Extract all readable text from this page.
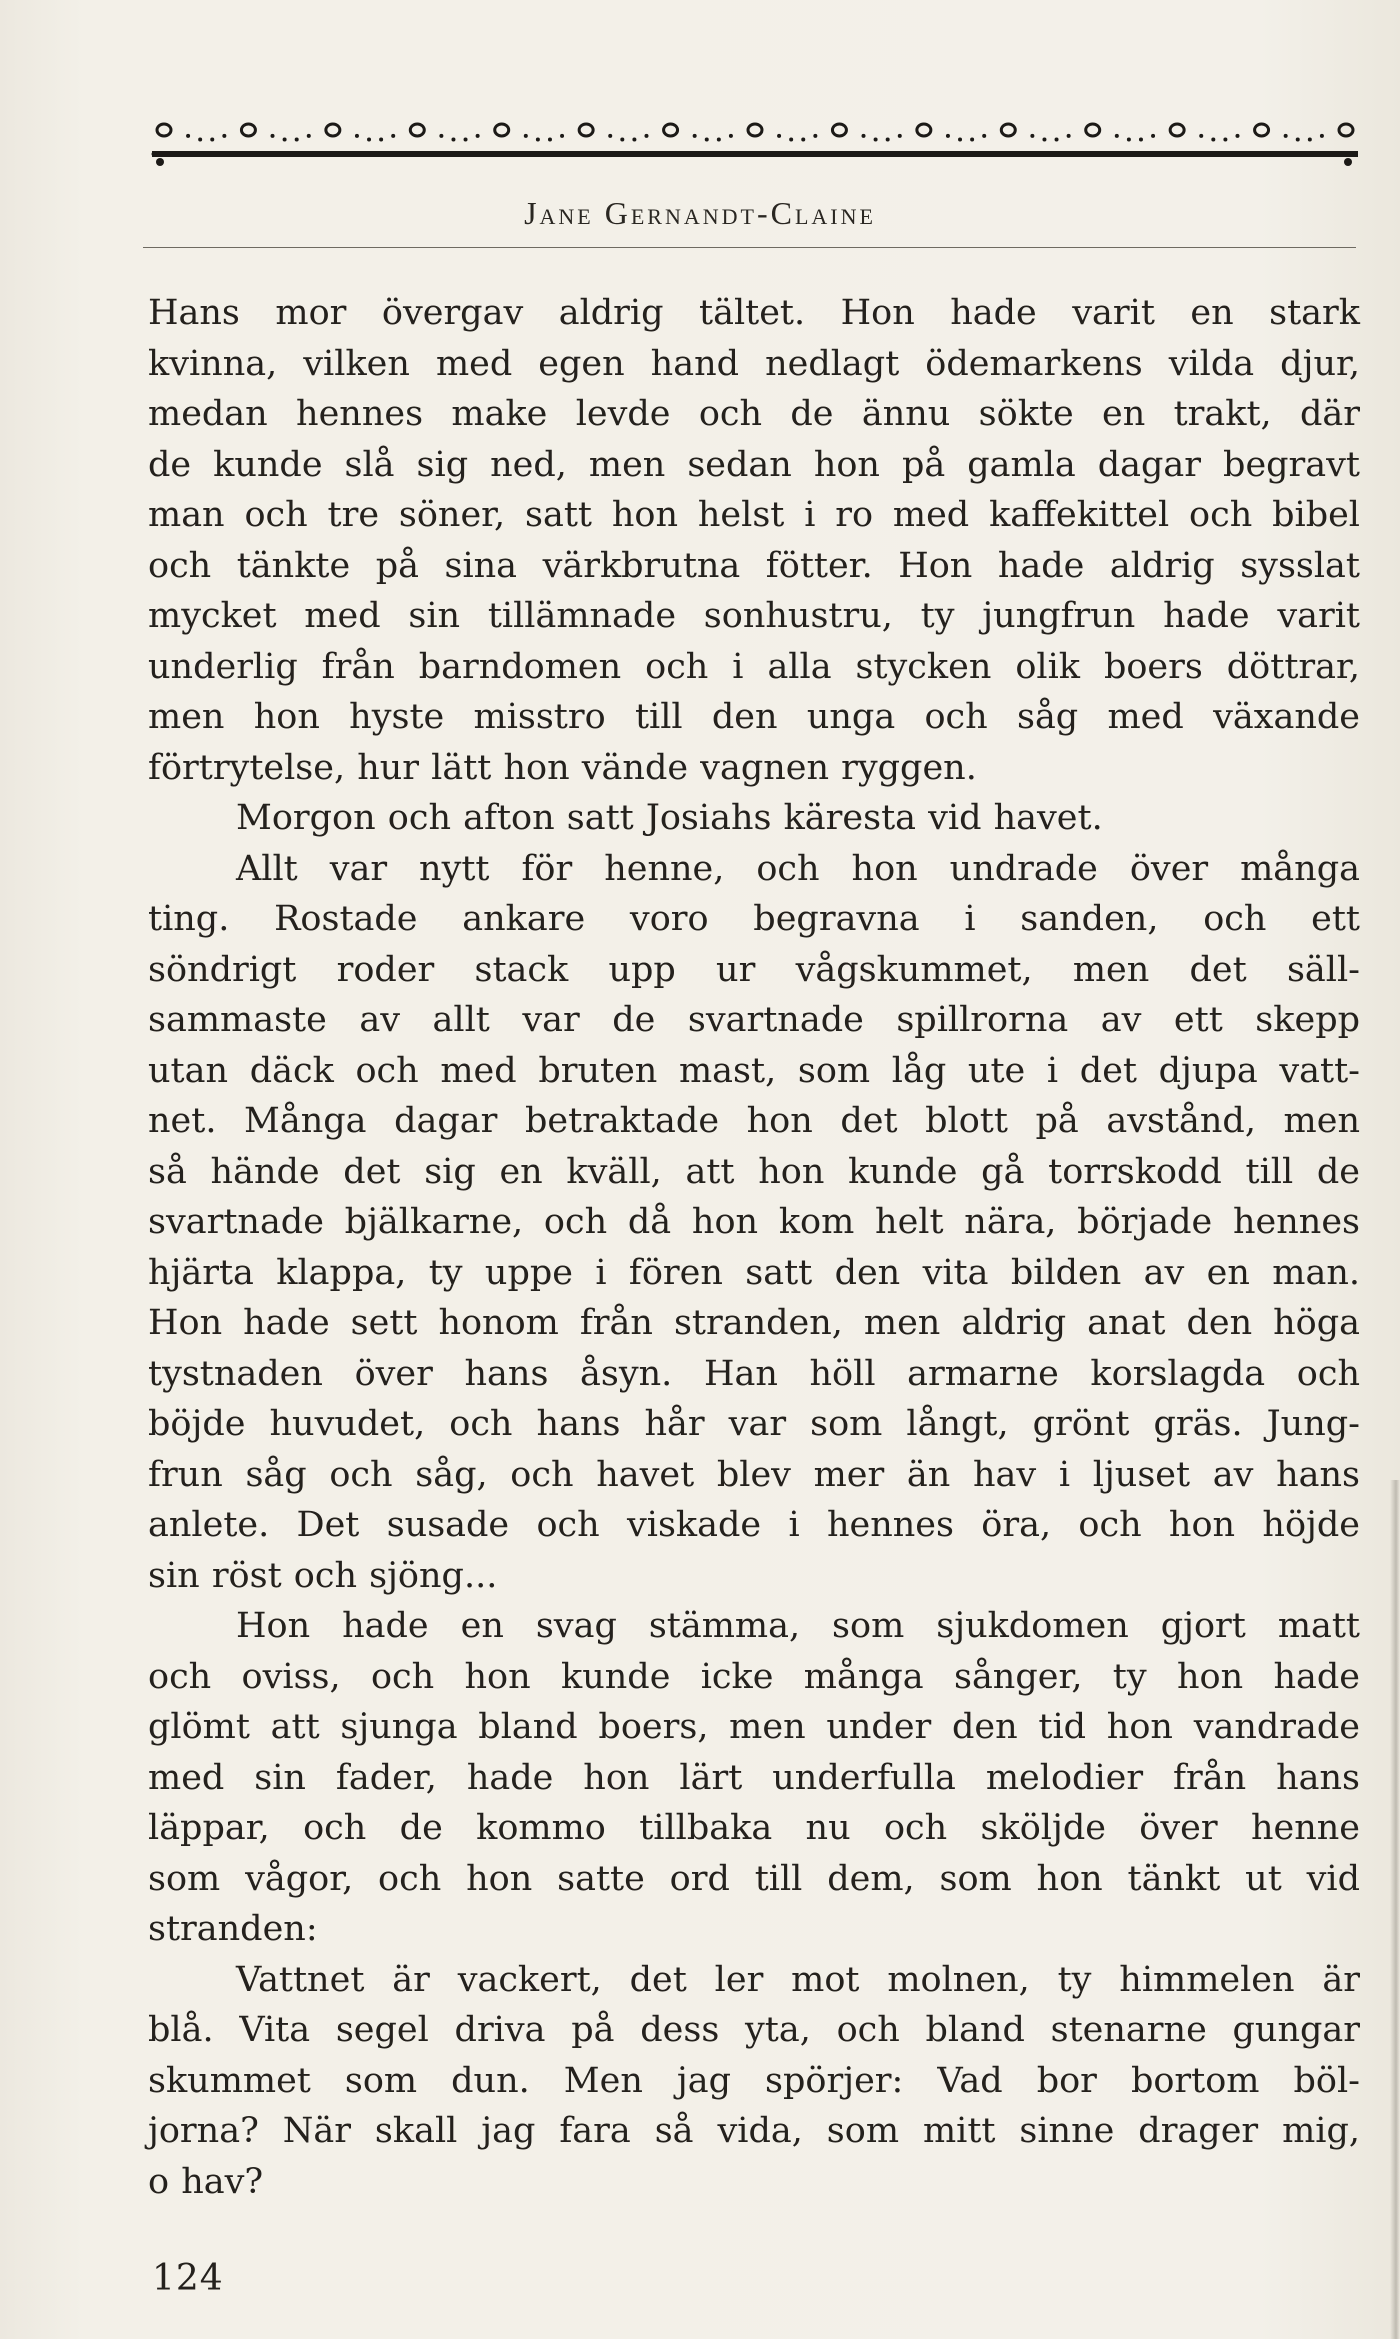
Jane Gernandt-Claine
Hans mor övergav aldrig tältet. Hon hade varit en stark
kvinna, vilken med egen hand nedlagt ödemarkens vilda djur,
medan hennes make levde och de ännu sökte en trakt, där
de kunde slå sig ned, men sedan hon på gamla dagar begravt
man och tre söner, satt hon helst i ro med kaffekittel och bibel
och tänkte på sina värkbrutna fötter. Hon hade aldrig sysslat
mycket med sin tillämnade sonhustru, ty jungfrun hade varit
underlig från barndomen och i alla stycken olik boers döttrar,
men hon hyste misstro till den unga och såg med växande
förtrytelse, hur lätt hon vände vagnen ryggen.
Morgon och afton satt Josiahs käresta vid havet.
Allt var nytt för henne, och hon undrade över många
ting. Rostade ankare voro begravna i sanden, och ett
söndrigt roder stack upp ur vågskummet, men det säll-
sammaste av allt var de svartnade spillrorna av ett skepp
utan däck och med bruten mast, som låg ute i det djupa vatt-
net. Många dagar betraktade hon det blott på avstånd, men
så hände det sig en kväll, att hon kunde gå torrskodd till de
svartnade bjälkarne, och då hon kom helt nära, började hennes
hjärta klappa, ty uppe i fören satt den vita bilden av en man.
Hon hade sett honom från stranden, men aldrig anat den höga
tystnaden över hans åsyn. Han höll armarne korslagda och
böjde huvudet, och hans hår var som långt, grönt gräs. Jung-
frun såg och såg, och havet blev mer än hav i ljuset av hans
anlete. Det susade och viskade i hennes öra, och hon höjde
sin röst och sjöng...
Hon hade en svag stämma, som sjukdomen gjort matt
och oviss, och hon kunde icke många sånger, ty hon hade
glömt att sjunga bland boers, men under den tid hon vandrade
med sin fader, hade hon lärt underfulla melodier från hans
läppar, och de kommo tillbaka nu och sköljde över henne
som vågor, och hon satte ord till dem, som hon tänkt ut vid
stranden:
Vattnet är vackert, det ler mot molnen, ty himmelen är
blå. Vita segel driva på dess yta, och bland stenarne gungar
skummet som dun. Men jag spörjer: Vad bor bortom böl-
jorna? När skall jag fara så vida, som mitt sinne drager mig,
o hav?
124
